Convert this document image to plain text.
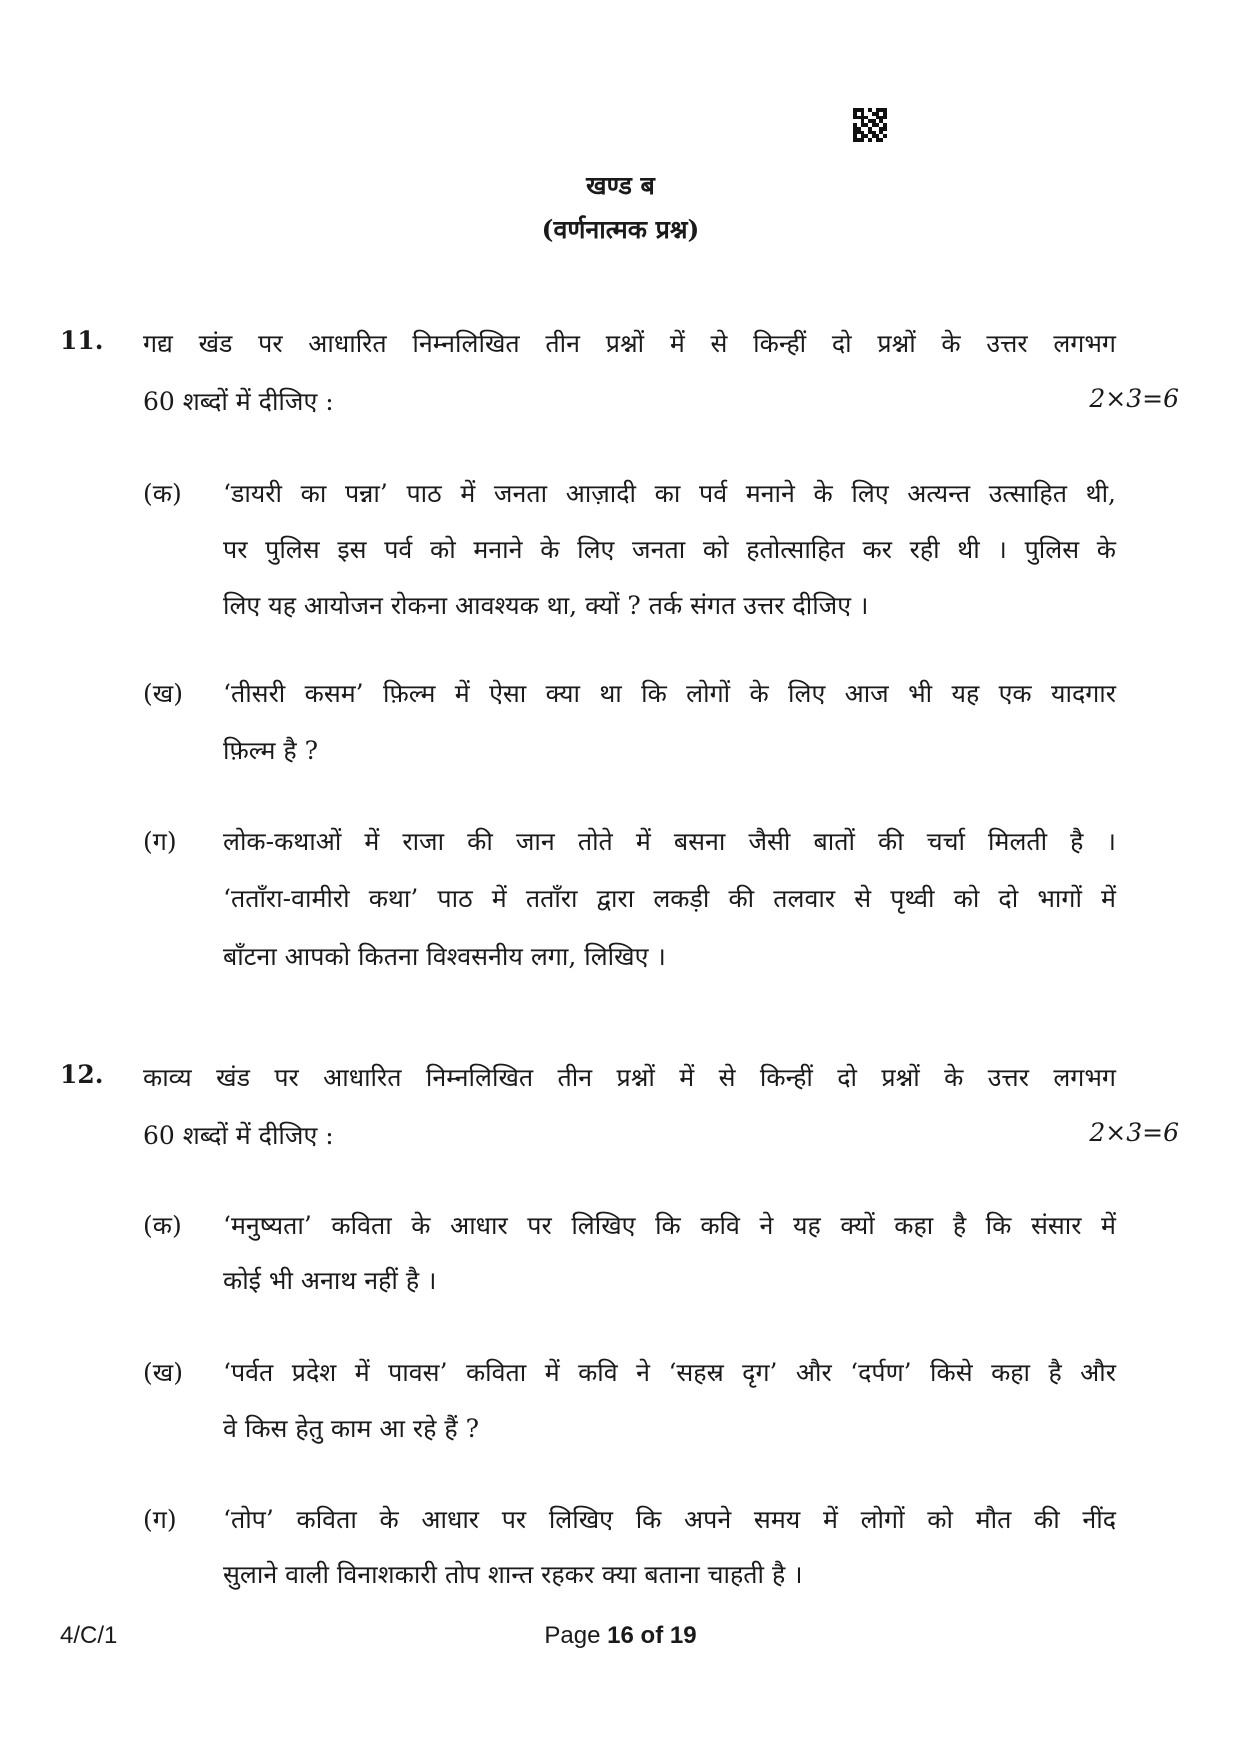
खण्ड ब
(वर्णनात्मक प्रश्न)
11. गद्य खंड पर आधारित निम्नलिखित तीन प्रश्नों में से किन्हीं दो प्रश्नों के उत्तर लगभग
60 शब्दों में दीजिए :	2×3=6
(क) ‘डायरी का पन्ना’ पाठ में जनता आज़ादी का पर्व मनाने के लिए अत्यन्त उत्साहित थी,
पर पुलिस इस पर्व को मनाने के लिए जनता को हतोत्साहित कर रही थी । पुलिस के
लिए यह आयोजन रोकना आवश्यक था, क्यों ? तर्क संगत उत्तर दीजिए ।
(ख) ‘तीसरी कसम’ फ़िल्म में ऐसा क्या था कि लोगों के लिए आज भी यह एक यादगार
फ़िल्म है ?
(ग) लोक-कथाओं में राजा की जान तोते में बसना जैसी बातों की चर्चा मिलती है ।
‘तताँरा-वामीरो कथा’ पाठ में तताँरा द्वारा लकड़ी की तलवार से पृथ्वी को दो भागों में
बाँटना आपको कितना विश्वसनीय लगा, लिखिए ।
12. काव्य खंड पर आधारित निम्नलिखित तीन प्रश्नों में से किन्हीं दो प्रश्नों के उत्तर लगभग
60 शब्दों में दीजिए :	2×3=6
(क) ‘मनुष्यता’ कविता के आधार पर लिखिए कि कवि ने यह क्यों कहा है कि संसार में
कोई भी अनाथ नहीं है ।
(ख) ‘पर्वत प्रदेश में पावस’ कविता में कवि ने ‘सहस्र दृग’ और ‘दर्पण’ किसे कहा है और
वे किस हेतु काम आ रहे हैं ?
(ग) ‘तोप’ कविता के आधार पर लिखिए कि अपने समय में लोगों को मौत की नींद
सुलाने वाली विनाशकारी तोप शान्त रहकर क्या बताना चाहती है ।
4/C/1	Page 16 of 19
